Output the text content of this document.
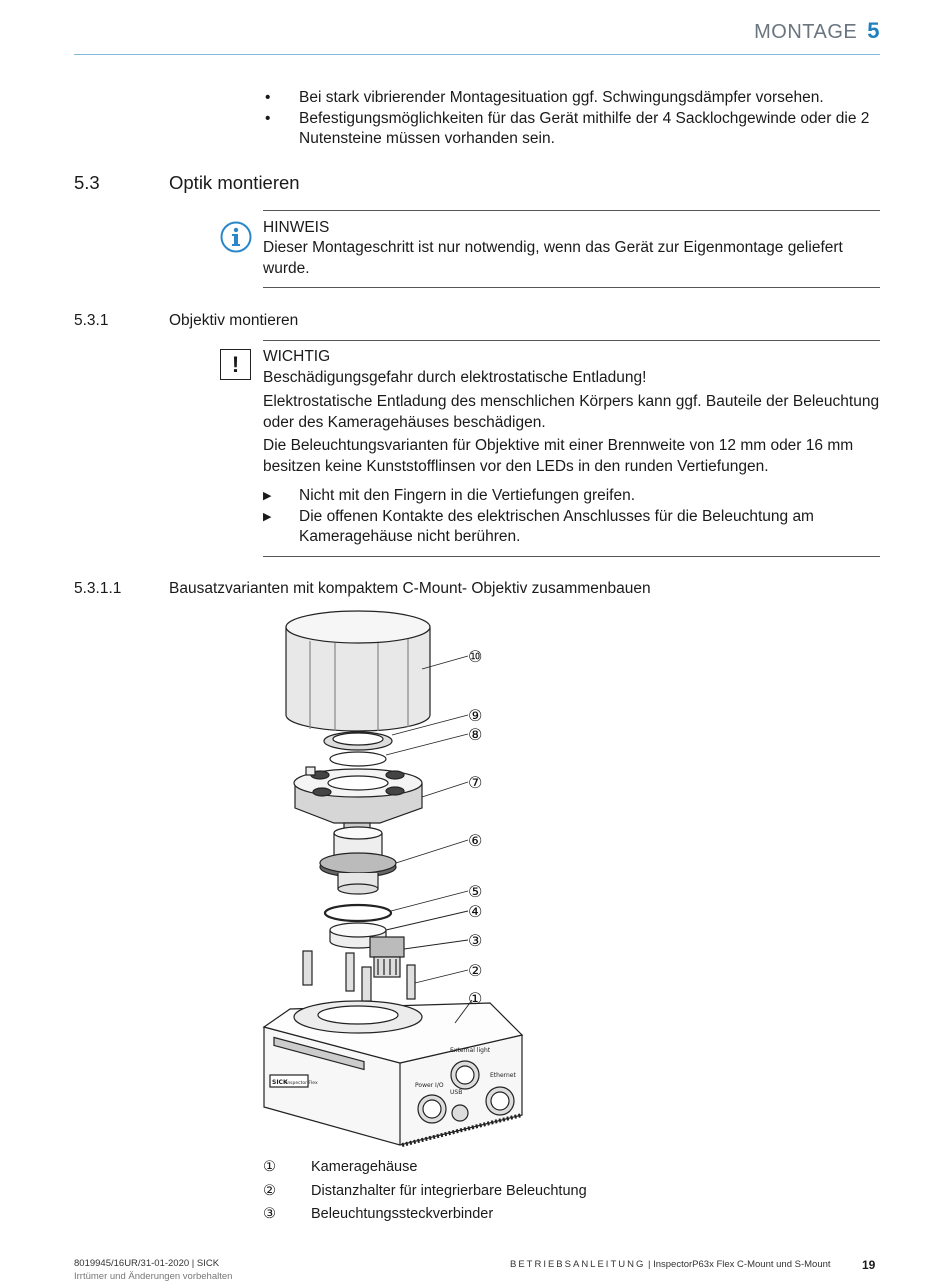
MONTAGE 5
• Bei stark vibrierender Montagesituation ggf. Schwingungsdämpfer vorsehen.
• Befestigungsmöglichkeiten für das Gerät mithilfe der 4 Sacklochgewinde oder die 2 Nutensteine müssen vorhanden sein.
5.3	Optik montieren
HINWEIS
Dieser Montageschritt ist nur notwendig, wenn das Gerät zur Eigenmontage geliefert wurde.
5.3.1	Objektiv montieren
!	WICHTIG
Beschädigungsgefahr durch elektrostatische Entladung!
Elektrostatische Entladung des menschlichen Körpers kann ggf. Bauteile der Beleuchtung oder des Kameragehäuses beschädigen.
Die Beleuchtungsvarianten für Objektive mit einer Brennweite von 12 mm oder 16 mm besitzen keine Kunststofflinsen vor den LEDs in den runden Vertiefungen.
▶ Nicht mit den Fingern in die Vertiefungen greifen.
▶ Die offenen Kontakte des elektrischen Anschlusses für die Beleuchtung am Kameragehäuse nicht berühren.
5.3.1.1	Bausatzvarianten mit kompaktem C-Mount- Objektiv zusammenbauen
External light
Ethernet
Power I/O
USB
SICK
Inspector Flex
⑩
⑨
⑧
⑦
⑥
⑤
④
③
②
①
① Kameragehäuse
② Distanzhalter für integrierbare Beleuchtung
③ Beleuchtungssteckverbinder
8019945/16UR/31-01-2020 | SICK
Irrtümer und Änderungen vorbehalten
BETRIEBSANLEITUNG | InspectorP63x Flex C-Mount und S-Mount	19
